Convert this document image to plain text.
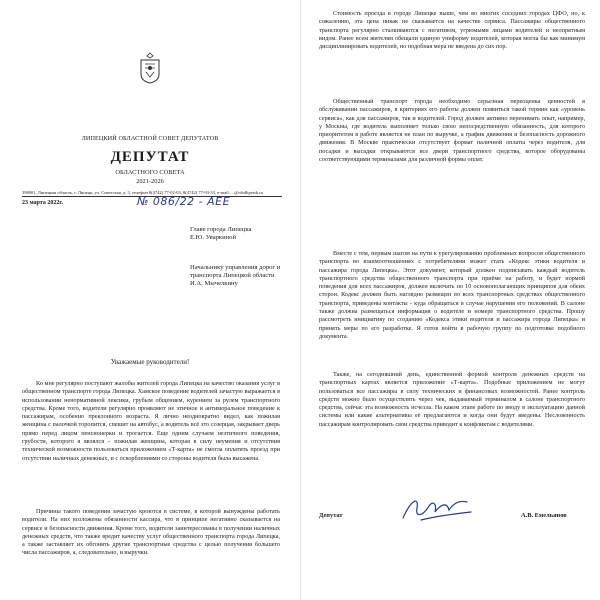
ЛИПЕЦКИЙ ОБЛАСТНОЙ СОВЕТ ДЕПУТАТОВ
ДЕПУТАТ
ОБЛАСТНОГО СОВЕТА
2021-2026
398001, Липецкая область, г. Липецк, ул. Советская, д. 3, телефон 8(4742) 77-02-03, 8(4742) 77-93-33, e-mail: ...@olsdlipetsk.ru
23 марта 2022г.	№ 086/22 - АЕЕ
Главе города Липецка
Е.Ю. Уваркиной
Начальнику управления дорог и
транспорта Липецкой области
И.А. Мычелкину
Уважаемые руководители!

Ко мне регулярно поступают жалобы жителей города Липецка на качество оказания услуг в общественном транспорте города Липецка. Хамское поведение водителей зачастую выражается в использовании ненормативной лексики, грубым общением, курением за рулем транспортного средства. Кроме того, водители регулярно проявляют не этичное и антиморальное поведение к пассажирам, особенно преклонного возраста. Я лично неоднократно видел, как пожилая женщина с палочкой торопится, спешит на автобус, а водитель всё это созерцая, закрывает дверь прямо перед лицом пенсионерки и трогается. Еще одним случаем неэтичного поведения, грубости, которого я являлся – пожилая женщина, которая в силу неумения и отсутствия технической возможности пользоваться приложением «Т-карта» не смогла оплатить проезд при отсутствии наличных денежных, и с оскорблениями со стороны водителя была высажена.

Причины такого поведения зачастую кроются в системе, в которой вынуждены работать водители. На них возложены обязанности кассира, что в принципе негативно сказывается на сервисе и безопасности движения. Кроме того, водители заинтересованы в получении наличных денежных средств, что также вредит качеству услуг общественного транспорта города Липецка, а также заставляет их обгонять другие транспортные средства с целью получения большего числа пассажиров, а, следовательно, и выручки.

Стоимость проезда в городе Липецке выше, чем во многих соседних городах ЦФО, но, к сожалению, эта цена никак не сказывается на качестве сервиса. Пассажиры общественного транспорта регулярно сталкиваются с негативом, угрюмыми лицами водителей и неопрятным видом. Ранее всем жителям обещали единую униформу водителей, которая могла бы как минимум дисциплинировать водителей, но подобная мера не введена до сих пор.

Общественный транспорт города необходимо серьезная переоценка ценностей в обслуживании пассажиров, в критериях его работы должен появиться такой термин как «уровень сервиса», как для пассажиров, так и водителей. Город должен активно перенимать опыт, например, у Москвы, где водитель выполняет только свою непосредственную обязанность, для которого приоритетом в работе является не план по выручке, а график движения и безопасность дорожного движения. В Москве практически отсутствует формат наличной оплаты через водителя, для посадки и высадки открываются все двери транспортного средства, которое оборудованы соответствующими терминалами для различной формы оплат.

Вместе с тем, первым шагом на пути к урегулированию проблемных вопросов общественного транспорта во взаимоотношениях с потребителями может стать «Кодекс этики водителя и пассажира города Липецка». Этот документ, который должен подписывать каждый водитель транспортного средства общественного транспорта при приёме на работу, и будет нормой поведения для всех пассажиров, должен включать по 10 основополагающих принципов для обеих сторон. Кодекс должен быть наглядно размещен во всех транспортных средствах общественного транспорта, приведены контакты - куда обращаться в случае нарушения его положений. В салоне также должна размещаться информация о водителе и номере транспортного средства. Прошу рассмотреть инициативу по созданию «Кодекса этики водителя и пассажира города Липецка» и принять меры по его разработке. Я готов войти в рабочую группу по подготовке подобного документа.

Также, на сегодняшний день, единственной формой контроля денежных средств на транспортных картах является приложение «Т-карта». Подобные приложением не могут пользоваться все пассажиры в силу технических и финансовых возможностей. Ранее контроль средств можно было осуществлять через чек, выдаваемый терминалом в салоне транспортного средства, сейчас эта возможность исчезла. На каком этапе работе по вводу в эксплуатацию данной системы или какие альтернативы её предлагаются и когда они будут введены. Несловенность пассажирам контролировать свои средства приводит к конфликтам с водителями.

Депутат	А.В. Емельянов
